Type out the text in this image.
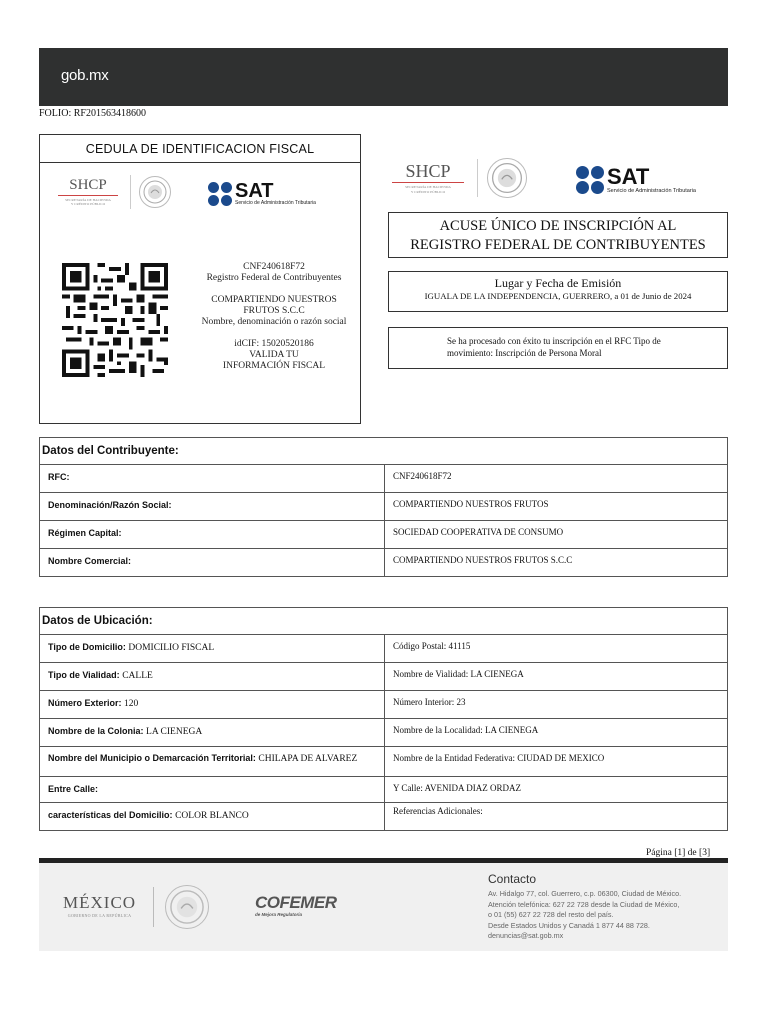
gob.mx
FOLIO: RF201563418600
CEDULA DE IDENTIFICACION FISCAL
SHCP
SECRETARÍA DE HACIENDA
Y CRÉDITO PÚBLICO
SAT
Servicio de Administración Tributaria

CNF240618F72

Registro Federal de Contribuyentes

COMPARTIENDO NUESTROS

FRUTOS S.C.C

Nombre, denominación o razón social

idCIF: 15020520186

VALIDA TU

INFORMACIÓN FISCAL

SHCP
SECRETARÍA DE HACIENDA
Y CRÉDITO PÚBLICO
SAT
Servicio de Administración Tributaria
ACUSE ÚNICO DE INSCRIPCIÓN AL
REGISTRO FEDERAL DE CONTRIBUYENTES
Lugar y Fecha de Emisión
IGUALA DE LA INDEPENDENCIA, GUERRERO, a 01 de Junio de 2024
Se ha procesado con éxito tu inscripción en el RFC Tipo de
movimiento: Inscripción de Persona Moral
Datos del Contribuyente:	
RFC:	CNF240618F72
Denominación/Razón Social:	COMPARTIENDO NUESTROS FRUTOS
Régimen Capital:	SOCIEDAD COOPERATIVA DE CONSUMO
Nombre Comercial:	COMPARTIENDO NUESTROS FRUTOS S.C.C
Datos de Ubicación:	
Tipo de Domicilio: DOMICILIO FISCAL	Código Postal: 41115
Tipo de Vialidad: CALLE	Nombre de Vialidad: LA CIENEGA
Número Exterior: 120	Número Interior: 23
Nombre de la Colonia: LA CIENEGA	Nombre de la Localidad: LA CIENEGA
Nombre del Municipio o Demarcación Territorial: CHILAPA DE ALVAREZ	Nombre de la Entidad Federativa: CIUDAD DE MEXICO
Entre Calle:	Y Calle: AVENIDA DIAZ ORDAZ
características del Domicilio: COLOR BLANCO	Referencias Adicionales:
Página [1] de [3]
MÉXICO
GOBIERNO DE LA REPÚBLICA
COFEMER
de Mejora Regulatoria
Contacto
Av. Hidalgo 77, col. Guerrero, c.p. 06300, Ciudad de México.
Atención telefónica: 627 22 728 desde la Ciudad de México,
o 01 (55) 627 22 728 del resto del país.
Desde Estados Unidos y Canadá 1 877 44 88 728.
denuncias@sat.gob.mx
